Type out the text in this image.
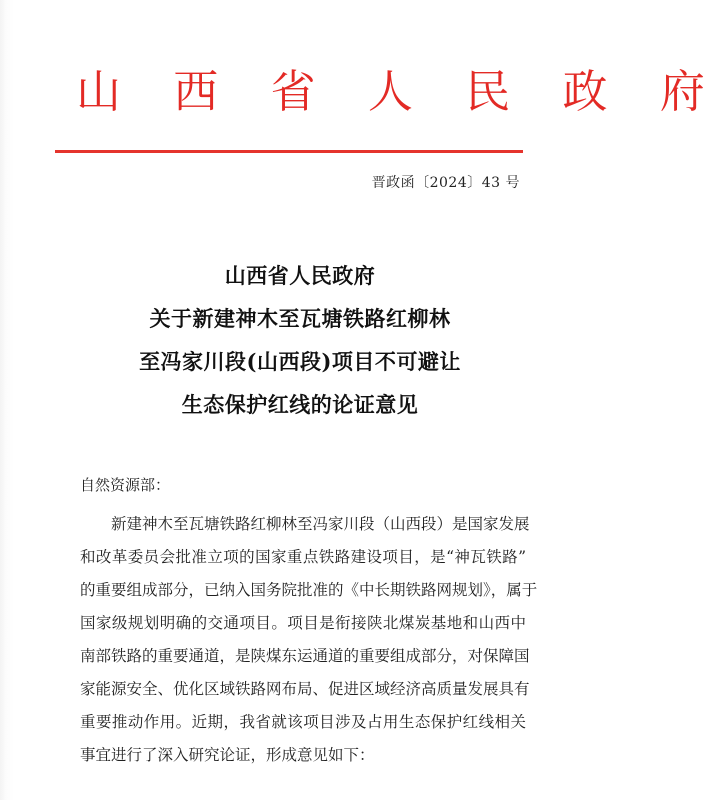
山 西 省 人 民 政 府
晋政函〔2024〕43 号
山西省人民政府
关于新建神木至瓦塘铁路红柳林
至冯家川段(山西段)项目不可避让
生态保护红线的论证意见
自然资源部：
新建神木至瓦塘铁路红柳林至冯家川段（山西段）是国家发展
和改革委员会批准立项的国家重点铁路建设项目，是“神瓦铁路”
的重要组成部分，已纳入国务院批准的《中长期铁路网规划》，属于
国家级规划明确的交通项目。项目是衔接陕北煤炭基地和山西中
南部铁路的重要通道，是陕煤东运通道的重要组成部分，对保障国
家能源安全、优化区域铁路网布局、促进区域经济高质量发展具有
重要推动作用。近期，我省就该项目涉及占用生态保护红线相关
事宜进行了深入研究论证，形成意见如下：
